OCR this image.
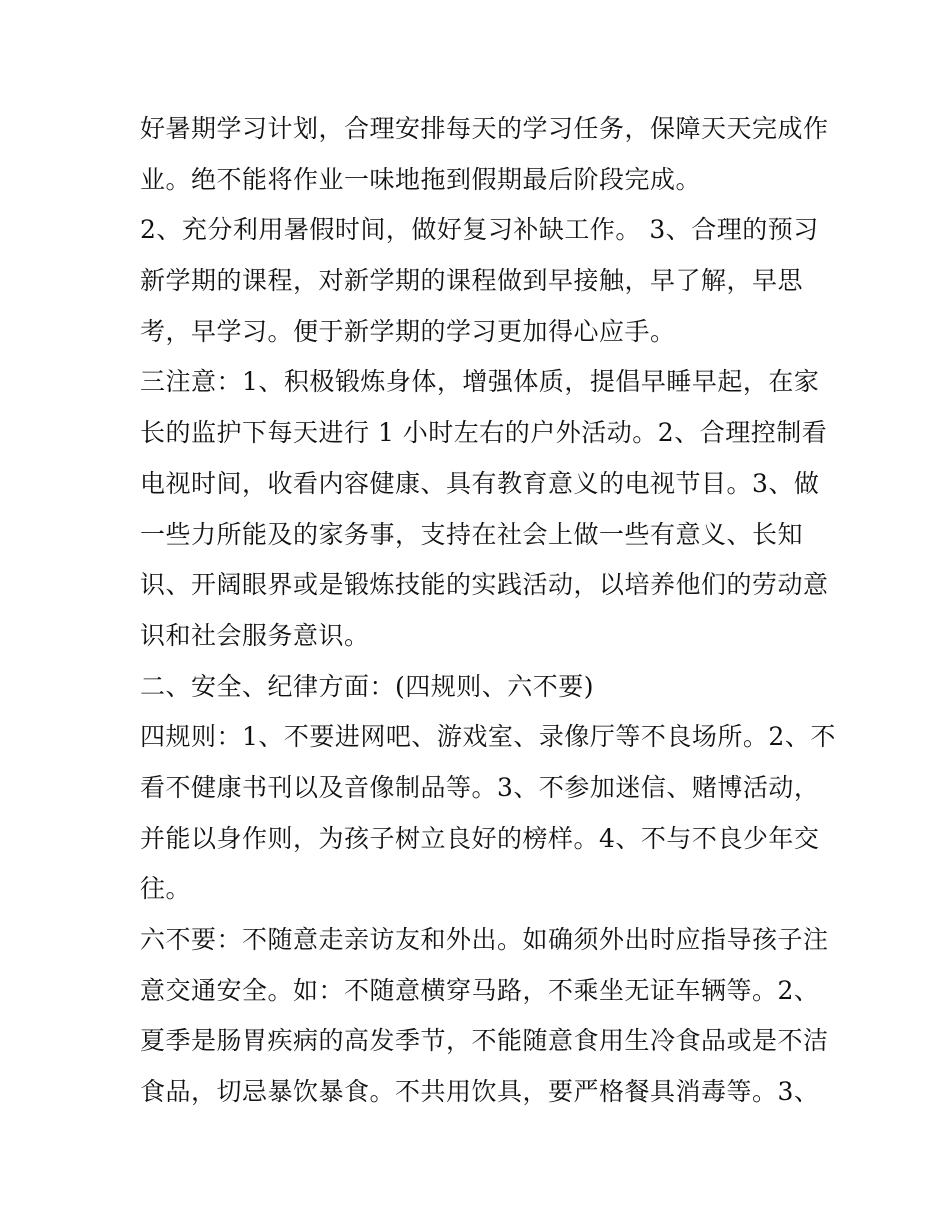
好暑期学习计划，合理安排每天的学习任务，保障天天完成作
业。绝不能将作业一味地拖到假期最后阶段完成。
2、充分利用暑假时间，做好复习补缺工作。 3、合理的预习
新学期的课程，对新学期的课程做到早接触，早了解，早思
考，早学习。便于新学期的学习更加得心应手。
三注意：1、积极锻炼身体，增强体质，提倡早睡早起，在家
长的监护下每天进行 1 小时左右的户外活动。2、合理控制看
电视时间，收看内容健康、具有教育意义的电视节目。3、做
一些力所能及的家务事，支持在社会上做一些有意义、长知
识、开阔眼界或是锻炼技能的实践活动，以培养他们的劳动意
识和社会服务意识。
二、安全、纪律方面：(四规则、六不要)
四规则：1、不要进网吧、游戏室、录像厅等不良场所。2、不
看不健康书刊以及音像制品等。3、不参加迷信、赌博活动，
并能以身作则，为孩子树立良好的榜样。4、不与不良少年交
往。
六不要：不随意走亲访友和外出。如确须外出时应指导孩子注
意交通安全。如：不随意横穿马路，不乘坐无证车辆等。2、
夏季是肠胃疾病的高发季节，不能随意食用生冷食品或是不洁
食品，切忌暴饮暴食。不共用饮具，要严格餐具消毒等。3、
